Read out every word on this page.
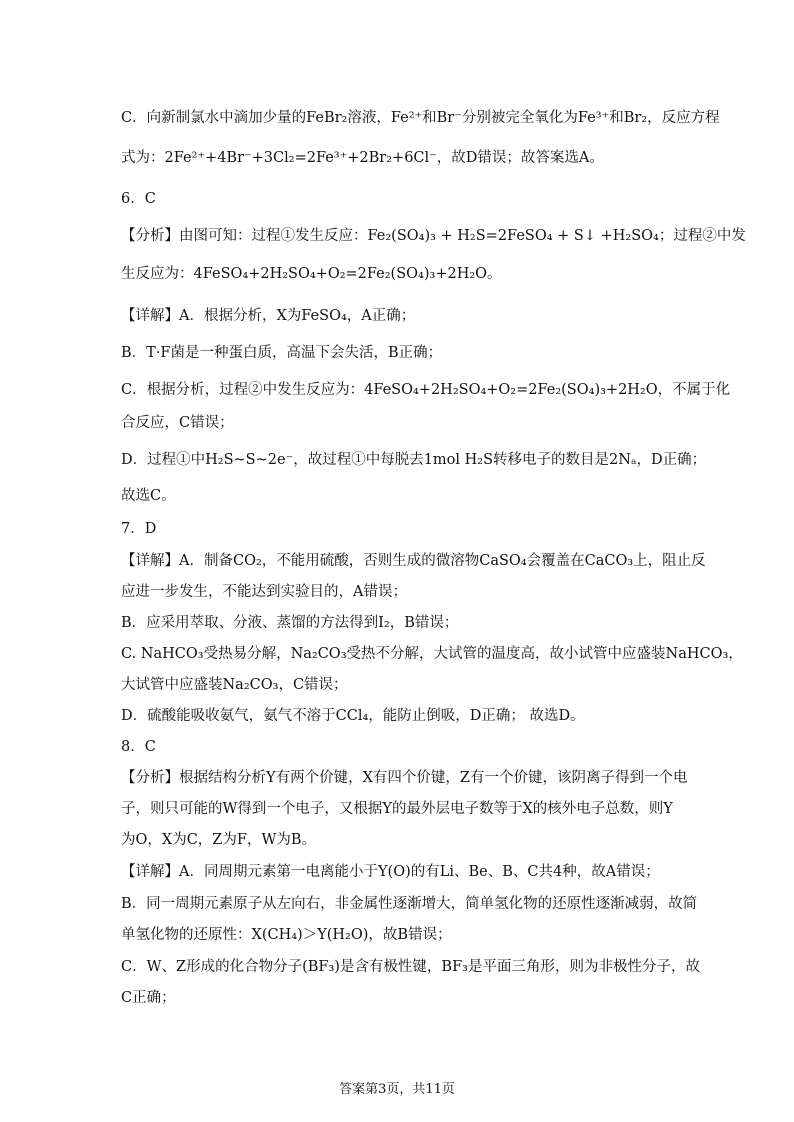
C．向新制氯水中滴加少量的FeBr₂溶液，Fe²⁺和Br⁻分别被完全氧化为Fe³⁺和Br₂，反应方程
式为：2Fe²⁺+4Br⁻+3Cl₂=2Fe³⁺+2Br₂+6Cl⁻，故D错误；故答案选A。
6．C
【分析】由图可知：过程①发生反应：Fe₂(SO₄)₃ + H₂S=2FeSO₄ + S↓ +H₂SO₄；过程②中发
生反应为：4FeSO₄+2H₂SO₄+O₂=2Fe₂(SO₄)₃+2H₂O。
【详解】A．根据分析，X为FeSO₄，A正确；
B．T·F菌是一种蛋白质，高温下会失活，B正确；
C．根据分析，过程②中发生反应为：4FeSO₄+2H₂SO₄+O₂=2Fe₂(SO₄)₃+2H₂O，不属于化
合反应，C错误；
D．过程①中H₂S~S~2e⁻，故过程①中每脱去1mol H₂S转移电子的数目是2Nₐ，D正确；
故选C。
7．D
【详解】A．制备CO₂，不能用硫酸，否则生成的微溶物CaSO₄会覆盖在CaCO₃上，阻止反
应进一步发生，不能达到实验目的，A错误；
B．应采用萃取、分液、蒸馏的方法得到I₂，B错误；
C. NaHCO₃受热易分解，Na₂CO₃受热不分解，大试管的温度高，故小试管中应盛装NaHCO₃，
大试管中应盛装Na₂CO₃，C错误；
D．硫酸能吸收氨气，氨气不溶于CCl₄，能防止倒吸，D正确； 故选D。
8．C
【分析】根据结构分析Y有两个价键，X有四个价键，Z有一个价键，该阴离子得到一个电
子，则只可能的W得到一个电子，又根据Y的最外层电子数等于X的核外电子总数，则Y
为O，X为C，Z为F，W为B。
【详解】A．同周期元素第一电离能小于Y(O)的有Li、Be、B、C共4种，故A错误；
B．同一周期元素原子从左向右，非金属性逐渐增大，简单氢化物的还原性逐渐减弱，故简
单氢化物的还原性：X(CH₄)＞Y(H₂O)，故B错误；
C．W、Z形成的化合物分子(BF₃)是含有极性键，BF₃是平面三角形，则为非极性分子，故
C正确；
答案第3页，共11页
